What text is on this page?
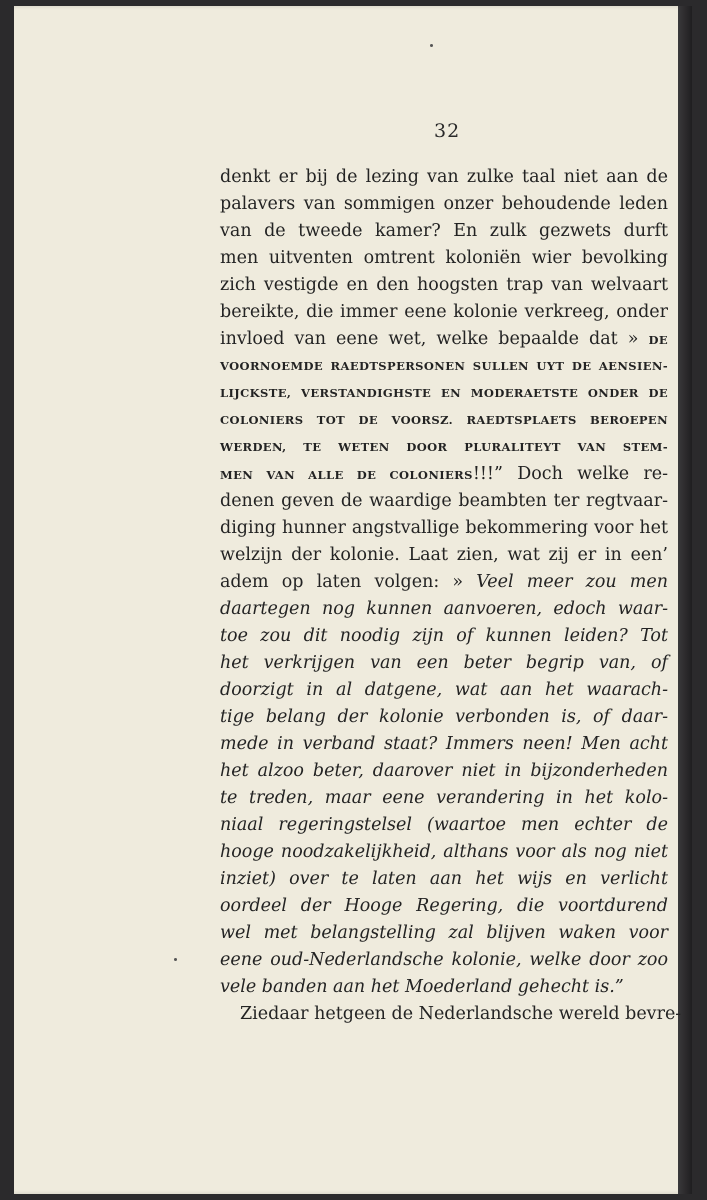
32
denkt er bij de lezing van zulke taal niet aan de
palavers van sommigen onzer behoudende leden
van de tweede kamer? En zulk gezwets durft
men uitventen omtrent koloniën wier bevolking
zich vestigde en den hoogsten trap van welvaart
bereikte, die immer eene kolonie verkreeg, onder
invloed van eene wet, welke bepaalde dat » DE
VOORNOEMDE RAEDTSPERSONEN SULLEN UYT DE AENSIEN-
LIJCKSTE, VERSTANDIGHSTE EN MODERAETSTE ONDER DE
COLONIERS TOT DE VOORSZ. RAEDTSPLAETS BEROEPEN
WERDEN, TE WETEN DOOR PLURALITEYT VAN STEM-
MEN VAN ALLE DE COLONIERS!!!” Doch welke re-
denen geven de waardige beambten ter regtvaar-
diging hunner angstvallige bekommering voor het
welzijn der kolonie. Laat zien, wat zij er in een’
adem op laten volgen: » Veel meer zou men
daartegen nog kunnen aanvoeren, edoch waar-
toe zou dit noodig zijn of kunnen leiden? Tot
het verkrijgen van een beter begrip van, of
doorzigt in al datgene, wat aan het waarach-
tige belang der kolonie verbonden is, of daar-
mede in verband staat? Immers neen! Men acht
het alzoo beter, daarover niet in bijzonderheden
te treden, maar eene verandering in het kolo-
niaal regeringstelsel (waartoe men echter de
hooge noodzakelijkheid, althans voor als nog niet
inziet) over te laten aan het wijs en verlicht
oordeel der Hooge Regering, die voortdurend
wel met belangstelling zal blijven waken voor
eene oud-Nederlandsche kolonie, welke door zoo
vele banden aan het Moederland gehecht is.”
Ziedaar hetgeen de Nederlandsche wereld bevre-
